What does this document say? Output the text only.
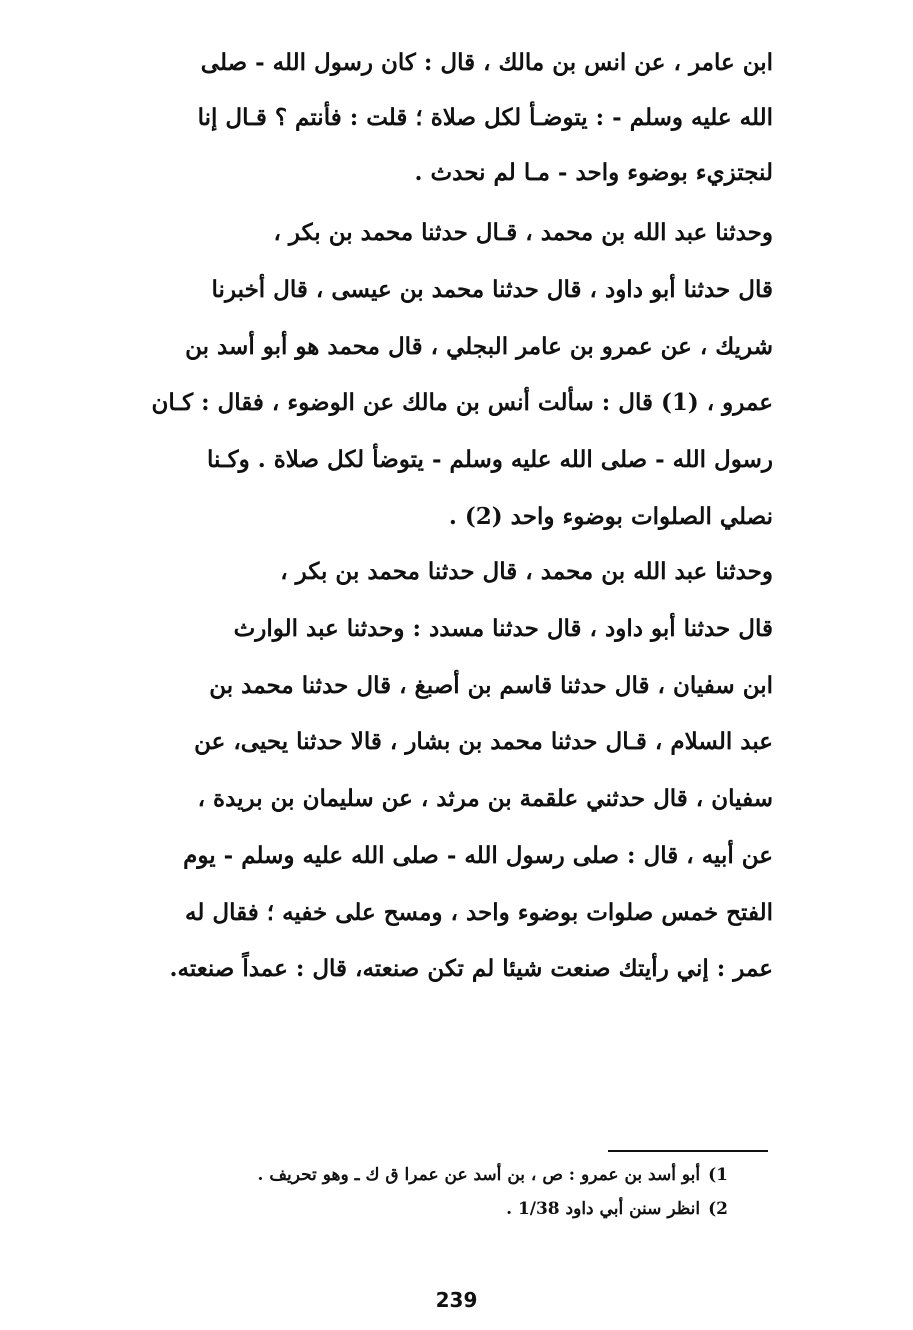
ابن عامر ، عن انس بن مالك ، قال : كان رسول الله - صلى
الله عليه وسلم - : يتوضـأ لكل صلاة ؛ قلت : فأنتم ؟ قـال إنا
لنجتزيء بوضوء واحد - مـا لم نحدث .
وحدثنا عبد الله بن محمد ، قـال حدثنا محمد بن بكر ،
قال حدثنا أبو داود ، قال حدثنا محمد بن عيسى ، قال أخبرنا
شريك ، عن عمرو بن عامر البجلي ، قال محمد هو أبو أسد بن
عمرو ، (1) قال : سألت أنس بن مالك عن الوضوء ، فقال : كـان
رسول الله - صلى الله عليه وسلم - يتوضأ لكل صلاة . وكـنا
نصلي الصلوات بوضوء واحد (2) .
وحدثنا عبد الله بن محمد ، قال حدثنا محمد بن بكر ،
قال حدثنا أبو داود ، قال حدثنا مسدد : وحدثنا عبد الوارث
ابن سفيان ، قال حدثنا قاسم بن أصبغ ، قال حدثنا محمد بن
عبد السلام ، قـال حدثنا محمد بن بشار ، قالا حدثنا يحيى، عن
سفيان ، قال حدثني علقمة بن مرثد ، عن سليمان بن بريدة ،
عن أبيه ، قال : صلى رسول الله - صلى الله عليه وسلم - يوم
الفتح خمس صلوات بوضوء واحد ، ومسح على خفيه ؛ فقال له
عمر : إني رأيتك صنعت شيئا لم تكن صنعته، قال : عمداً صنعته.
1)أبو أسد بن عمرو : ص ، بن أسد عن عمرا ق ك ـ وهو تحريف .
2)انظر سنن أبي داود 1/38 .
239
